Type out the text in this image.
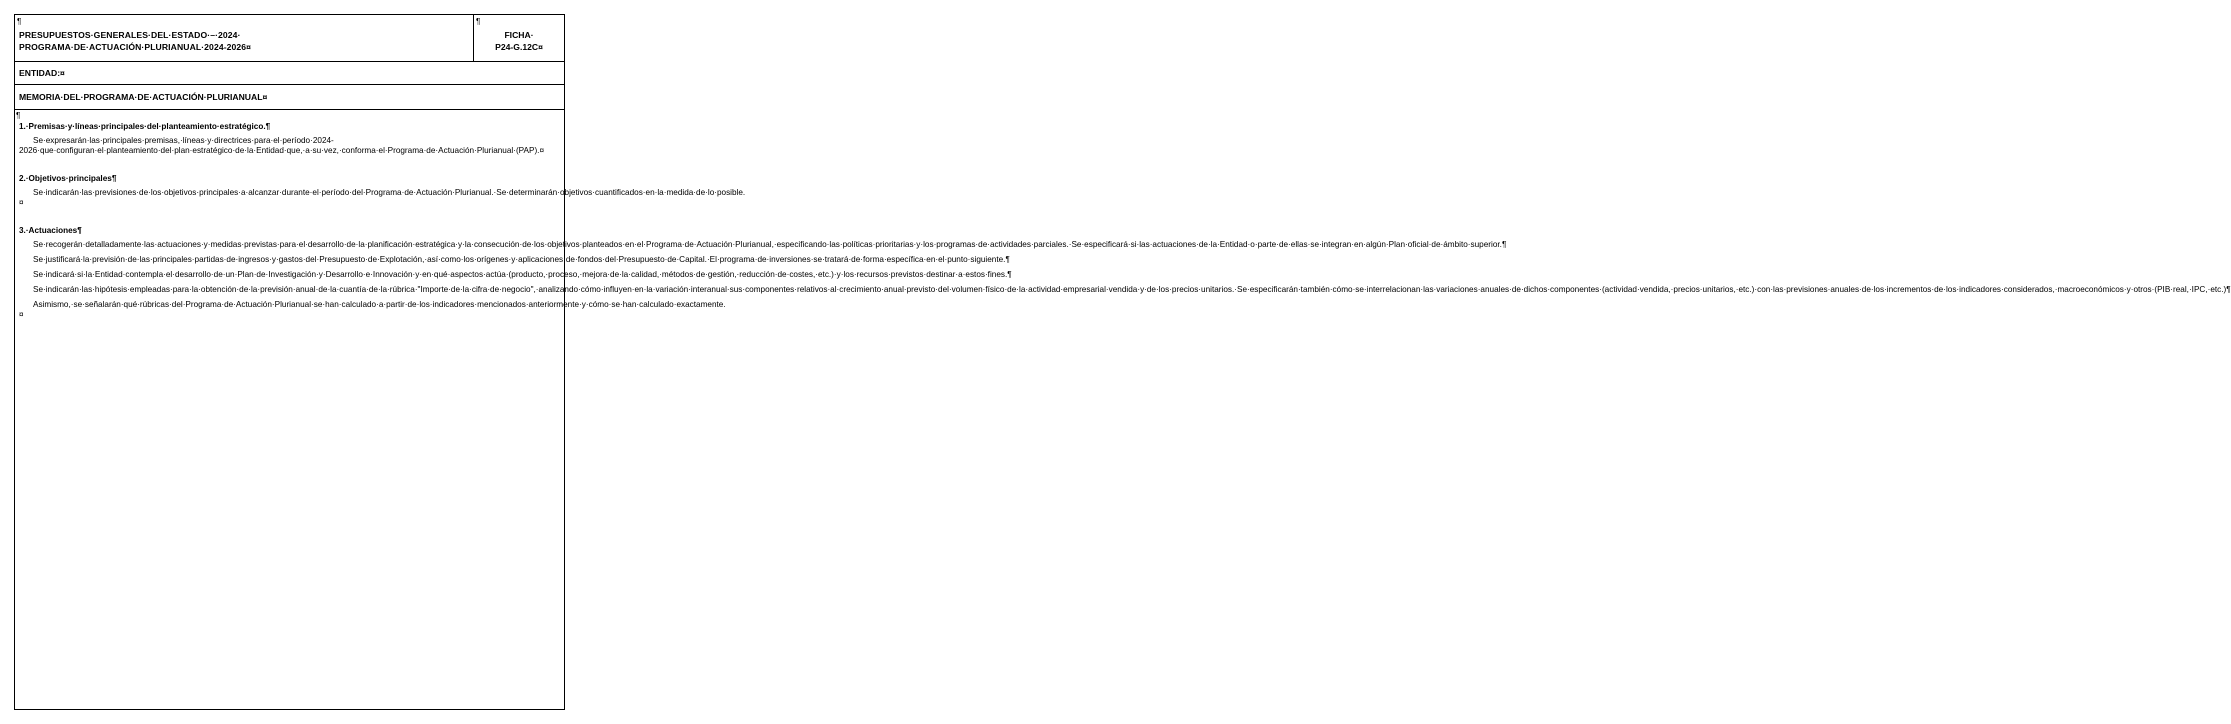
¶
PRESUPUESTOS·GENERALES·DEL·ESTADO·–·2024·
PROGRAMA·DE·ACTUACIÓN·PLURIANUAL·2024-2026¤
¶
FICHA·
P24-G.12C¤
ENTIDAD:¤
MEMORIA·DEL·PROGRAMA·DE·ACTUACIÓN·PLURIANUAL¤
¶
1.·Premisas·y·líneas·principales·del·planteamiento·estratégico.¶
Se·expresarán·las·principales·premisas,·líneas·y·directrices·para·el·período·2024-2026·que·configuran·el·planteamiento·del·plan·estratégico·de·la·Entidad·que,·a·su·vez,·conforma·el·Programa·de·Actuación·Plurianual·(PAP).¤
2.·Objetivos·principales¶
Se·indicarán·las·previsiones·de·los·objetivos·principales·a·alcanzar·durante·el·período·del·Programa·de·Actuación·Plurianual.·Se·determinarán·objetivos·cuantificados·en·la·medida·de·lo·posible.¤
3.·Actuaciones¶
Se·recogerán·detalladamente·las·actuaciones·y·medidas·previstas·para·el·desarrollo·de·la·planificación·estratégica·y·la·consecución·de·los·objetivos·planteados·en·el·Programa·de·Actuación·Plurianual,·especificando·las·políticas·prioritarias·y·los·programas·de·actividades·parciales.·Se·especificará·si·las·actuaciones·de·la·Entidad·o·parte·de·ellas·se·integran·en·algún·Plan·oficial·de·ámbito·superior.¶
Se·justificará·la·previsión·de·las·principales·partidas·de·ingresos·y·gastos·del·Presupuesto·de·Explotación,·así·como·los·orígenes·y·aplicaciones·de·fondos·del·Presupuesto·de·Capital.·El·programa·de·inversiones·se·tratará·de·forma·específica·en·el·punto·siguiente.¶
Se·indicará·si·la·Entidad·contempla·el·desarrollo·de·un·Plan·de·Investigación·y·Desarrollo·e·Innovación·y·en·qué·aspectos·actúa·(producto,·proceso,·mejora·de·la·calidad,·métodos·de·gestión,·reducción·de·costes,·etc.)·y·los·recursos·previstos·destinar·a·estos·fines.¶
Se·indicarán·las·hipótesis·empleadas·para·la·obtención·de·la·previsión·anual·de·la·cuantía·de·la·rúbrica·"Importe·de·la·cifra·de·negocio",·analizando·cómo·influyen·en·la·variación·interanual·sus·componentes·relativos·al·crecimiento·anual·previsto·del·volumen·físico·de·la·actividad·empresarial·vendida·y·de·los·precios·unitarios.·Se·especificarán·también·cómo·se·interrelacionan·las·variaciones·anuales·de·dichos·componentes·(actividad·vendida,·precios·unitarios,·etc.)·con·las·previsiones·anuales·de·los·incrementos·de·los·indicadores·considerados,·macroeconómicos·y·otros·(PIB·real,·IPC,·etc.)¶
Asimismo,·se·señalarán·qué·rúbricas·del·Programa·de·Actuación·Plurianual·se·han·calculado·a·partir·de·los·indicadores·mencionados·anteriormente·y·cómo·se·han·calculado·exactamente.¤
